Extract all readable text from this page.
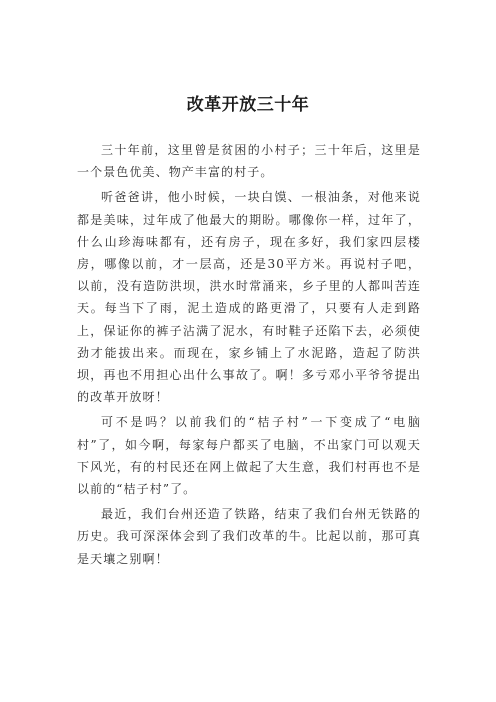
改革开放三十年

三十年前，这里曾是贫困的小村子；三十年后，这里是一个景色优美、物产丰富的村子。

听爸爸讲，他小时候，一块白馍、一根油条，对他来说都是美味，过年成了他最大的期盼。哪像你一样，过年了，什么山珍海味都有，还有房子，现在多好，我们家四层楼房，哪像以前，才一层高，还是30平方米。再说村子吧，以前，没有造防洪坝，洪水时常涌来，乡子里的人都叫苦连天。每当下了雨，泥土造成的路更滑了，只要有人走到路上，保证你的裤子沾满了泥水，有时鞋子还陷下去，必须使劲才能拔出来。而现在，家乡铺上了水泥路，造起了防洪坝，再也不用担心出什么事故了。啊！多亏邓小平爷爷提出的改革开放呀！

可不是吗？以前我们的“桔子村”一下变成了“电脑村”了，如今啊，每家每户都买了电脑，不出家门可以观天下风光，有的村民还在网上做起了大生意，我们村再也不是以前的“桔子村”了。

最近，我们台州还造了铁路，结束了我们台州无铁路的历史。我可深深体会到了我们改革的牛。比起以前，那可真是天壤之别啊！
